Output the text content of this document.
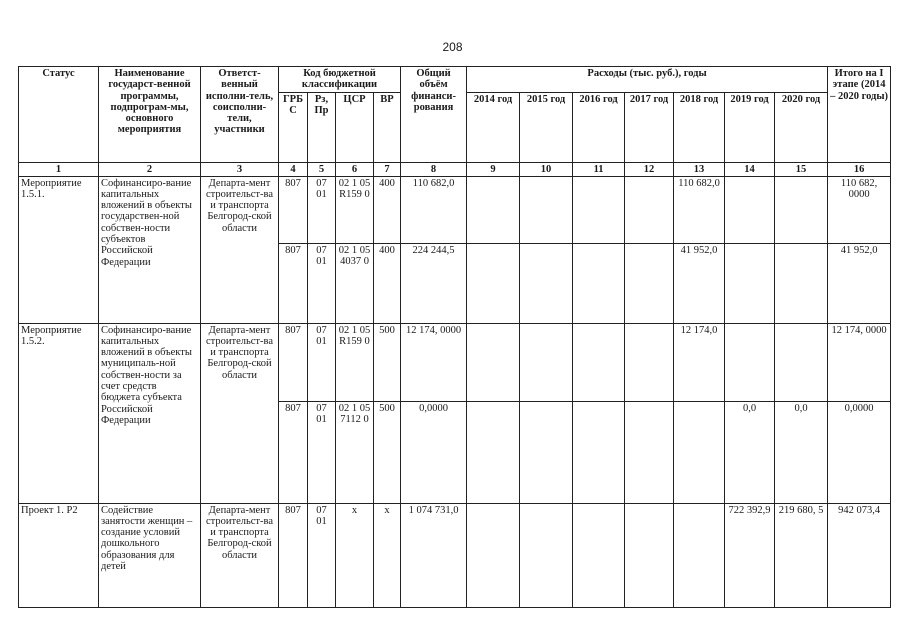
208
Статус	Наименование государст-венной программы, подпрограм-мы, основного мероприятия	Ответст-венный исполни-тель, соисполни-тели, участники	Код бюджетной классификации				Общий объём финанси-рования	Расходы (тыс. руб.), годы							Итого на I этапе (2014 – 2020 годы)
			ГРБ С	Рз, Пр	ЦСР	ВР		2014 год	2015 год	2016 год	2017 год	2018 год	2019 год	2020 год	
1	2	3	4	5	6	7	8	9	10	11	12	13	14	15	16
Мероприятие 1.5.1.	Софинансиро-вание капитальных вложений в объекты государствен-ной собствен-ности субъектов Российской Федерации	Департа-мент строительст-ва и транспорта Белгород-ской области	807	07 01	02 1 05 R159 0	400	110 682,0					110 682,0			110 682, 0000
			807	07 01	02 1 05 4037 0	400	224 244,5					41 952,0			41 952,0
Мероприятие 1.5.2.	Софинансиро-вание капитальных вложений в объекты муниципаль-ной собствен-ности за счет средств бюджета субъекта Российской Федерации	Департа-мент строительст-ва и транспорта Белгород-ской области	807	07 01	02 1 05 R159 0	500	12 174, 0000					12 174,0			12 174, 0000
			807	07 01	02 1 05 7112 0	500	0,0000						0,0	0,0	0,0000
Проект 1. Р2	Содействие занятости женщин – создание условий дошкольного образования для детей	Департа-мент строительст-ва и транспорта Белгород-ской области	807	07 01	x	x	1 074 731,0						722 392,9	219 680, 5	942 073,4
